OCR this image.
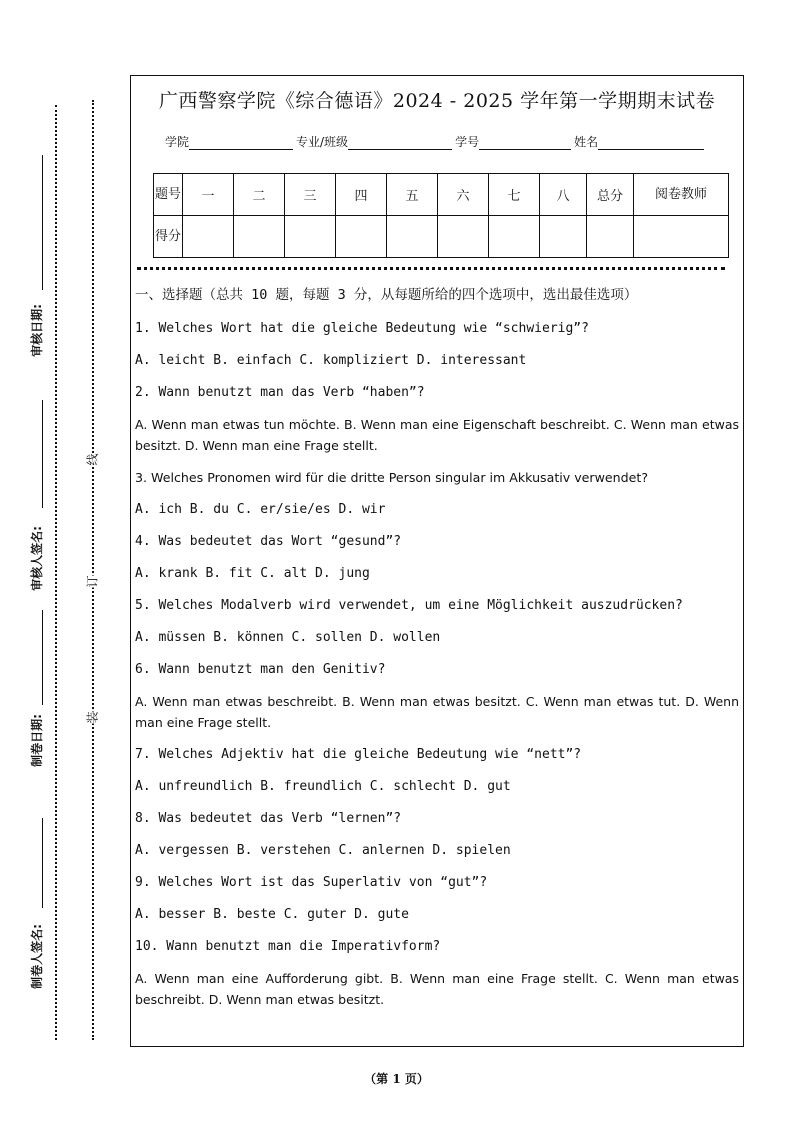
审核日期:
审核人签名:
制卷日期:
制卷人签名:
线
订
装
广西警察学院《综合德语》2024 - 2025 学年第一学期期末试卷
学院	专业/班级	学号	姓名
题号	一	二	三	四	五	六	七	八	总分	阅卷教师
得分										

一、选择题（总共 10 题，每题 3 分，从每题所给的四个选项中，选出最佳选项）

1. Welches Wort hat die gleiche Bedeutung wie “schwierig”?

A. leicht B. einfach C. kompliziert D. interessant

2. Wann benutzt man das Verb “haben”?

A. Wenn man etwas tun möchte. B. Wenn man eine Eigenschaft beschreibt. C. Wenn man etwas besitzt. D. Wenn man eine Frage stellt.

3. Welches Pronomen wird für die dritte Person singular im Akkusativ verwendet?

A. ich B. du C. er/sie/es D. wir

4. Was bedeutet das Wort “gesund”?

A. krank B. fit C. alt D. jung

5. Welches Modalverb wird verwendet, um eine Möglichkeit auszudrücken?

A. müssen B. können C. sollen D. wollen

6. Wann benutzt man den Genitiv?

A. Wenn man etwas beschreibt. B. Wenn man etwas besitzt. C. Wenn man etwas tut. D. Wenn man eine Frage stellt.

7. Welches Adjektiv hat die gleiche Bedeutung wie “nett”?

A. unfreundlich B. freundlich C. schlecht D. gut

8. Was bedeutet das Verb “lernen”?

A. vergessen B. verstehen C. anlernen D. spielen

9. Welches Wort ist das Superlativ von “gut”?

A. besser B. beste C. guter D. gute

10. Wann benutzt man die Imperativform?

A. Wenn man eine Aufforderung gibt. B. Wenn man eine Frage stellt. C. Wenn man etwas beschreibt. D. Wenn man etwas besitzt.

（第 1 页）
